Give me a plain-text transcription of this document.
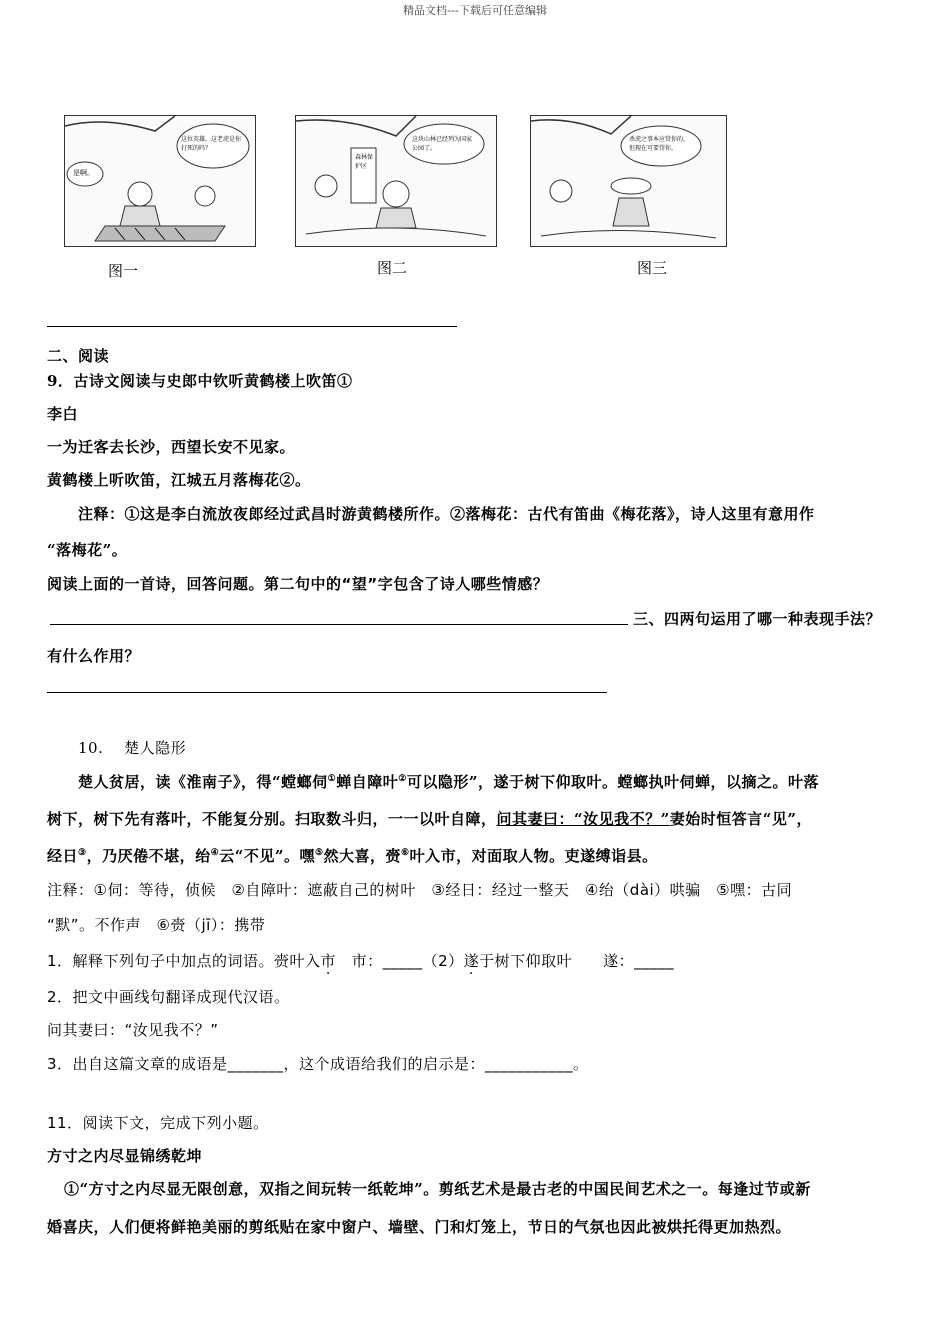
精品文档---下载后可任意编辑
是啊。
这位英雄，这老虎是你打死的吗？
图一
森林保护区
这块山林已经列为国家公园了。
图二
杀虎之事本应赏你的，但现在可要罚你。
图三
二、阅读
9．古诗文阅读与史郎中钦听黄鹤楼上吹笛①
李白
一为迁客去长沙，西望长安不见家。
黄鹤楼上听吹笛，江城五月落梅花②。
注释：①这是李白流放夜郎经过武昌时游黄鹤楼所作。②落梅花：古代有笛曲《梅花落》，诗人这里有意用作
“落梅花”。
阅读上面的一首诗，回答问题。第二句中的“望”字包含了诗人哪些情感？
三、四两句运用了哪一种表现手法？
有什么作用？
10.　 楚人隐形
楚人贫居，读《淮南子》，得“螳螂伺①蝉自障叶②可以隐形”，遂于树下仰取叶。螳螂执叶伺蝉，以摘之。叶落
树下，树下先有落叶，不能复分别。扫取数斗归，一一以叶自障，问其妻曰：“汝见我不？”妻始时恒答言“见”，
经日③，乃厌倦不堪，绐④云“不见”。嘿⑤然大喜，赍⑥叶入市，对面取人物。吏遂缚诣县。
注释：①伺：等待，侦候　②自障叶：遮蔽自己的树叶　③经日：经过一整天　④绐（dài）哄骗　⑤嘿：古同
“默”。不作声　⑥赍（jī）：携带
1．解释下列句子中加点的词语。赍叶入市　市：_____（2）遂于树下仰取叶　　遂：_____
2．把文中画线句翻译成现代汉语。
问其妻曰：“汝见我不？”
3．出自这篇文章的成语是_______，这个成语给我们的启示是：___________。
11．阅读下文，完成下列小题。
方寸之内尽显锦绣乾坤
①“方寸之内尽显无限创意，双指之间玩转一纸乾坤”。剪纸艺术是最古老的中国民间艺术之一。每逢过节或新
婚喜庆，人们便将鲜艳美丽的剪纸贴在家中窗户、墙壁、门和灯笼上，节日的气氛也因此被烘托得更加热烈。
